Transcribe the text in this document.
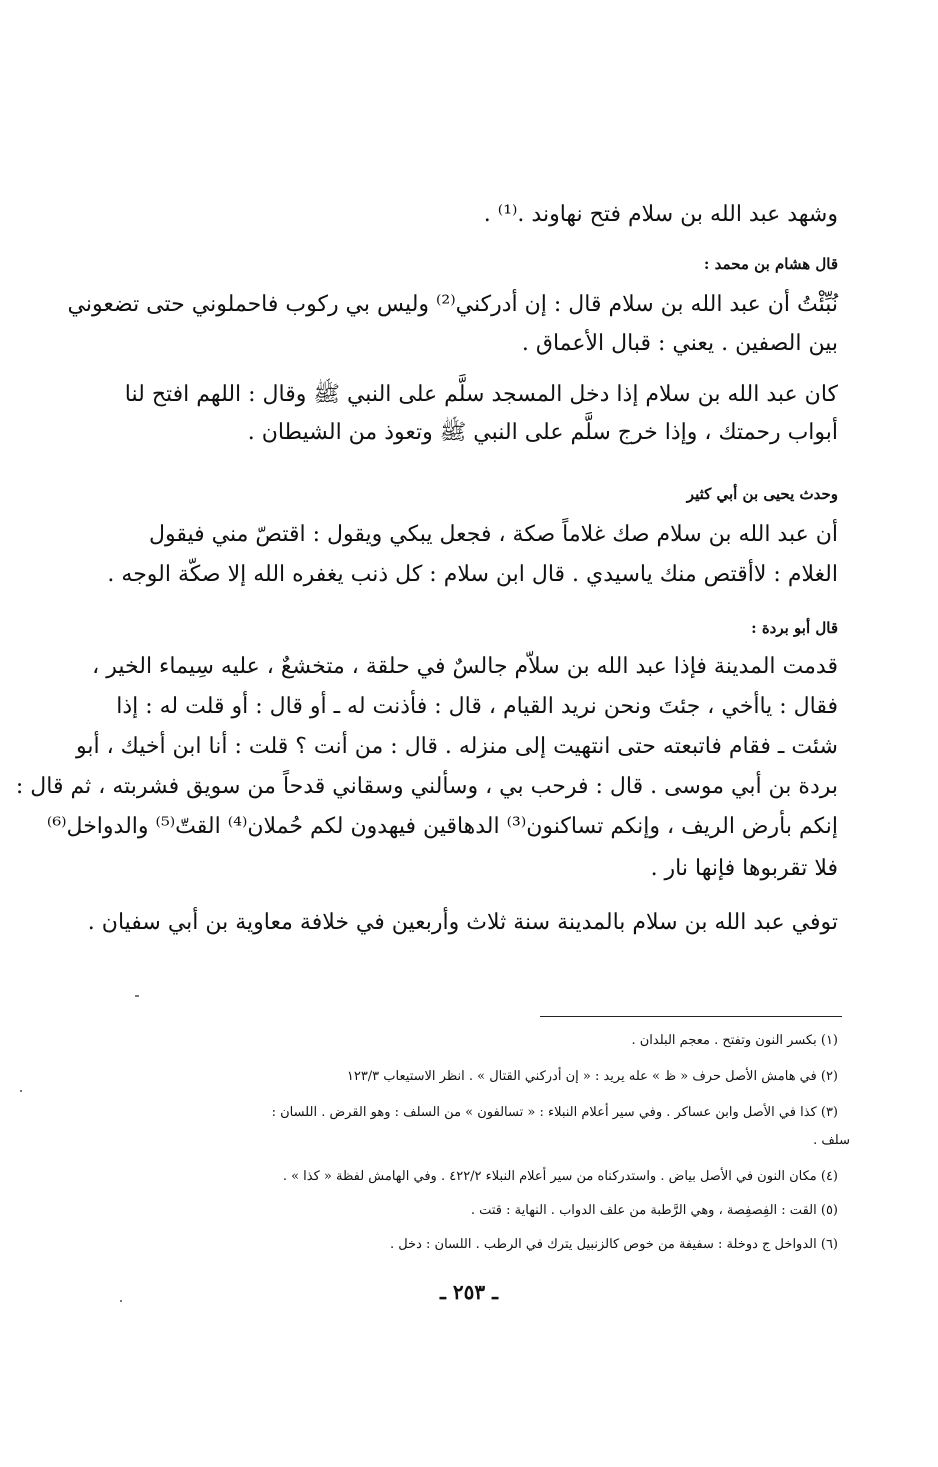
وشهد عبد الله بن سلام فتح نهاوند .⁽¹⁾ .
قال هشام بن محمد :
نُبِّئْتُ أن عبد الله بن سلام قال : إن أدركني⁽²⁾ وليس بي ركوب فاحملوني حتى تضعوني
بين الصفين . يعني : قبال الأعماق .
كان عبد الله بن سلام إذا دخل المسجد سلَّم على النبي ﷺ وقال : اللهم افتح لنا
أبواب رحمتك ، وإذا خرج سلَّم على النبي ﷺ وتعوذ من الشيطان .
وحدث يحيى بن أبي كثير
أن عبد الله بن سلام صك غلاماً صكة ، فجعل يبكي ويقول : اقتصّ مني فيقول
الغلام : لاأقتص منك ياسيدي . قال ابن سلام : كل ذنب يغفره الله إلا صكّة الوجه .
قال أبو بردة :
قدمت المدينة فإذا عبد الله بن سلاّم جالسٌ في حلقة ، متخشعٌ ، عليه سِيماء الخير ،
فقال : ياأخي ، جئتَ ونحن نريد القيام ، قال : فأذنت له ـ أو قال : أو قلت له : إذا
شئت ـ فقام فاتبعته حتى انتهيت إلى منزله . قال : من أنت ؟ قلت : أنا ابن أخيك ، أبو
بردة بن أبي موسى . قال : فرحب بي ، وسألني وسقاني قدحاً من سويق فشربته ، ثم قال :
إنكم بأرض الريف ، وإنكم تساكنون⁽³⁾ الدهاقين فيهدون لكم حُملان⁽⁴⁾ القتّ⁽⁵⁾ والدواخل⁽⁶⁾
فلا تقربوها فإنها نار .
توفي عبد الله بن سلام بالمدينة سنة ثلاث وأربعين في خلافة معاوية بن أبي سفيان .
(١) بكسر النون وتفتح . معجم البلدان .
(٢) في هامش الأصل حرف « ظ » عله يريد : « إن أدركني القتال » . انظر الاستيعاب ١٢٣/٣
(٣) كذا في الأصل وابن عساكر . وفي سير أعلام النبلاء : « تسالفون » من السلف : وهو القرض . اللسان :
سلف .
(٤) مكان النون في الأصل بياض . واستدركناه من سير أعلام النبلاء ٤٢٢/٢ . وفي الهامش لفظة « كذا » .
(٥) القت : الفِصفِصة ، وهي الرَّطبة من علف الدواب . النهاية : قتت .
(٦) الدواخل ج دوخلة : سفيفة من خوص كالزنبيل يترك في الرطب . اللسان : دخل .
ـ ٢٥٣ ـ
